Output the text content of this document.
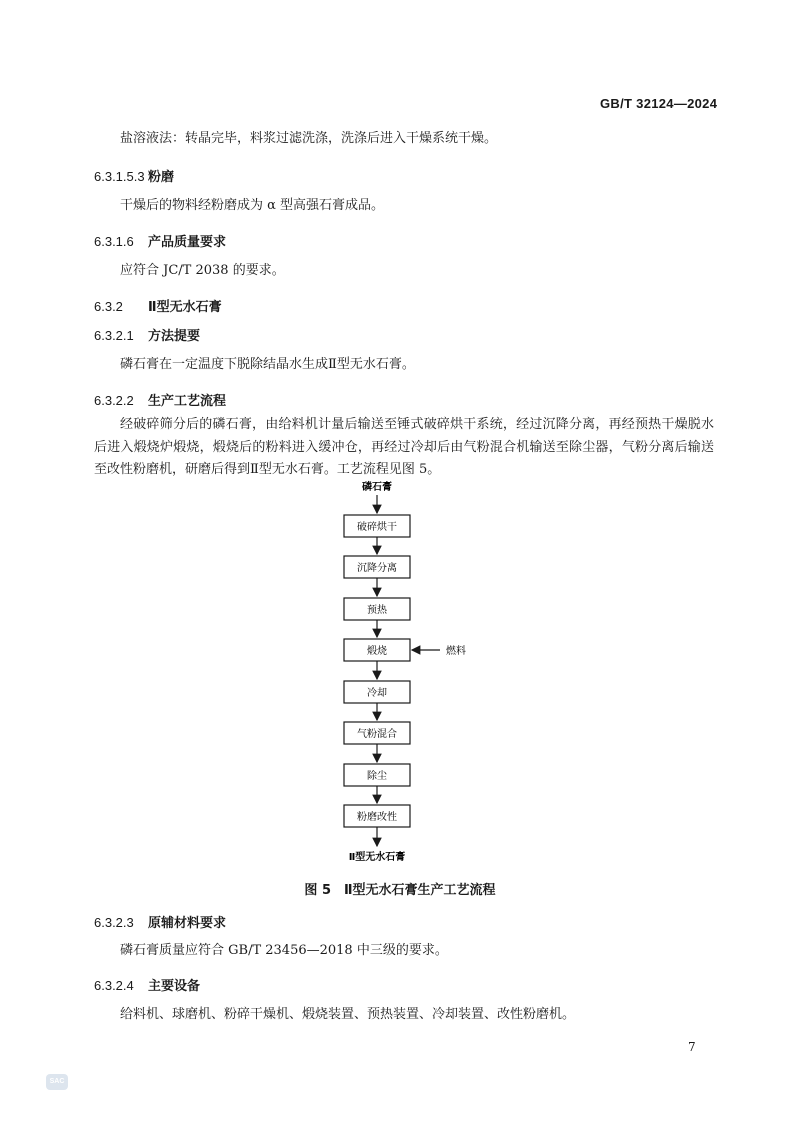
GB/T 32124—2024
盐溶液法：转晶完毕，料浆过滤洗涤，洗涤后进入干燥系统干燥。
6.3.1.5.3 粉磨
干燥后的物料经粉磨成为 α 型高强石膏成品。
6.3.1.6 产品质量要求
应符合 JC/T 2038 的要求。
6.3.2 Ⅱ型无水石膏
6.3.2.1 方法提要
磷石膏在一定温度下脱除结晶水生成Ⅱ型无水石膏。
6.3.2.2 生产工艺流程
经破碎筛分后的磷石膏，由给料机计量后输送至锤式破碎烘干系统，经过沉降分离，再经预热干燥脱水后进入煅烧炉煅烧，煅烧后的粉料进入缓冲仓，再经过冷却后由气粉混合机输送至除尘器，气粉分离后输送至改性粉磨机，研磨后得到Ⅱ型无水石膏。工艺流程见图 5。
磷石膏
破碎烘干
沉降分离
预热
煅烧	燃料
冷却
气粉混合
除尘
粉磨改性
Ⅱ型无水石膏
图 5　Ⅱ型无水石膏生产工艺流程
6.3.2.3 原辅材料要求
磷石膏质量应符合 GB/T 23456—2018 中三级的要求。
6.3.2.4 主要设备
给料机、球磨机、粉碎干燥机、煅烧装置、预热装置、冷却装置、改性粉磨机。
7
SAC
